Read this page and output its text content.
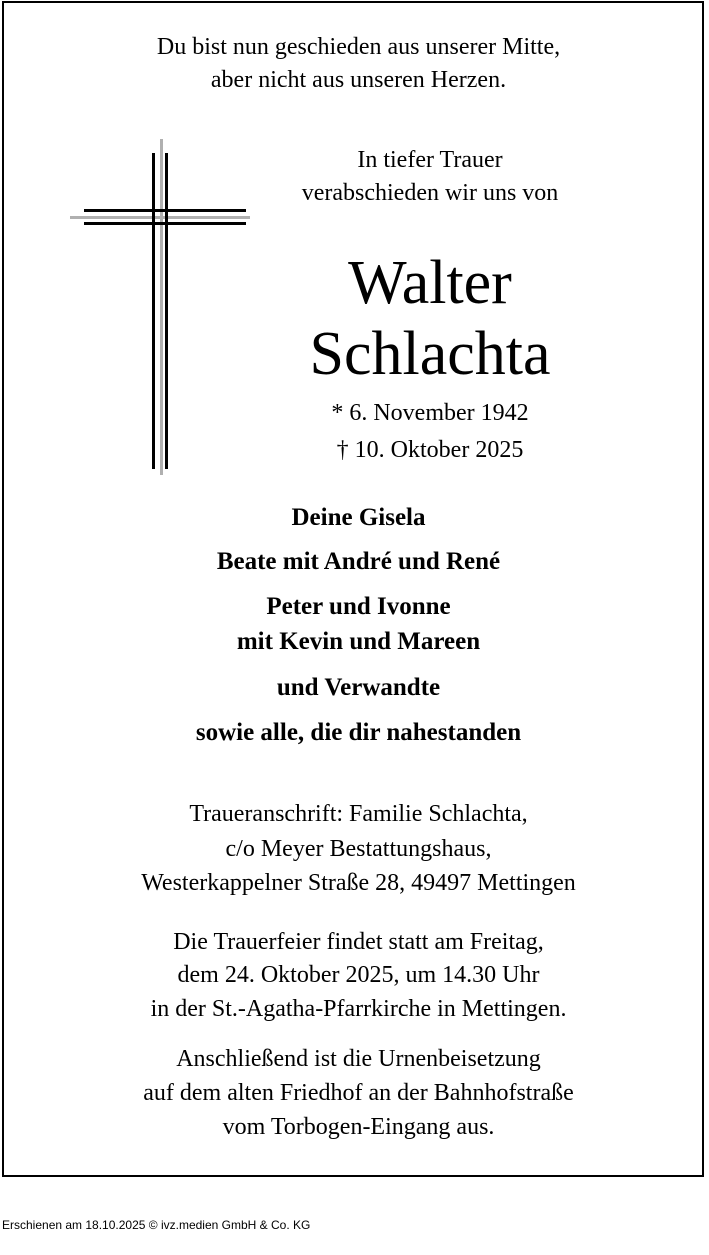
Du bist nun geschieden aus unserer Mitte,
aber nicht aus unseren Herzen.
In tiefer Trauer
verabschieden wir uns von
Walter
Schlachta
* 6. November 1942
† 10. Oktober 2025
Deine Gisela
Beate mit André und René
Peter und Ivonne
mit Kevin und Mareen
und Verwandte
sowie alle, die dir nahestanden
Traueranschrift: Familie Schlachta,
c/o Meyer Bestattungshaus,
Westerkappelner Straße 28, 49497 Mettingen
Die Trauerfeier findet statt am Freitag,
dem 24. Oktober 2025, um 14.30 Uhr
in der St.-Agatha-Pfarrkirche in Mettingen.
Anschließend ist die Urnenbeisetzung
auf dem alten Friedhof an der Bahnhofstraße
vom Torbogen-Eingang aus.
Erschienen am 18.10.2025 © ivz.medien GmbH & Co. KG
